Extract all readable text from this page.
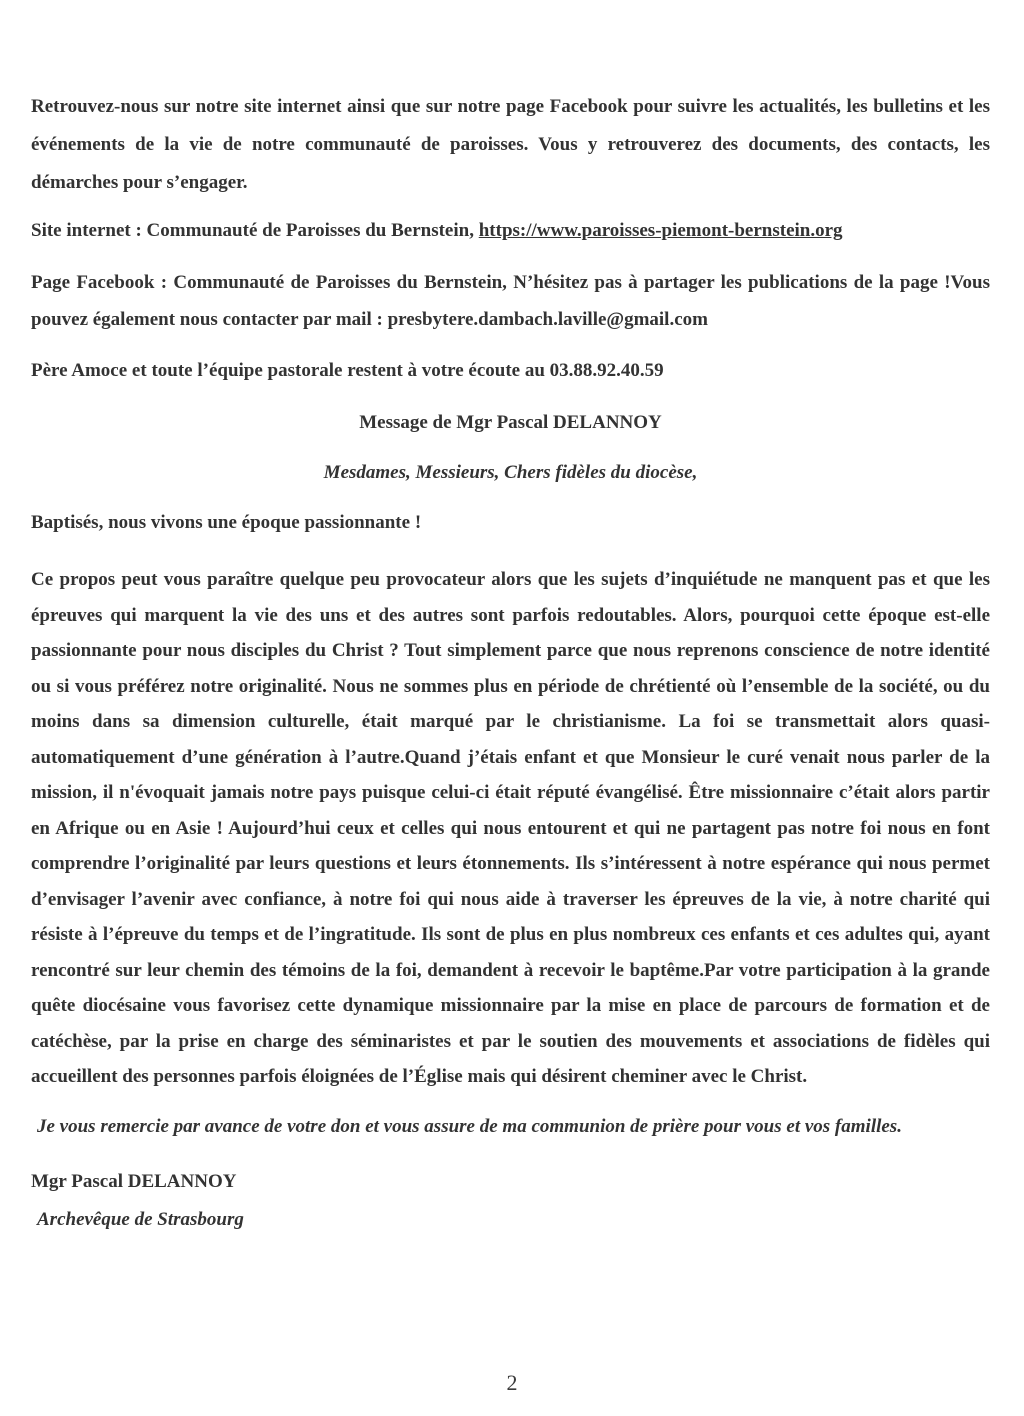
Retrouvez-nous sur notre site internet ainsi que sur notre page Facebook pour suivre les actualités, les bulletins et les événements de la vie de notre communauté de paroisses. Vous y retrouverez des documents, des contacts, les démarches pour s’engager.

Site internet : Communauté de Paroisses du Bernstein, https://www.paroisses-piemont-bernstein.org

Page Facebook : Communauté de Paroisses du Bernstein, N’hésitez pas à partager les publications de la page !Vous pouvez également nous contacter par mail : presbytere.dambach.laville@gmail.com

Père Amoce et toute l’équipe pastorale restent à votre écoute au 03.88.92.40.59

Message de Mgr Pascal DELANNOY

Mesdames, Messieurs, Chers fidèles du diocèse,

Baptisés, nous vivons une époque passionnante !

Ce propos peut vous paraître quelque peu provocateur alors que les sujets d’inquiétude ne manquent pas et que les épreuves qui marquent la vie des uns et des autres sont parfois redoutables. Alors, pourquoi cette époque est-elle passionnante pour nous disciples du Christ ? Tout simplement parce que nous reprenons conscience de notre identité ou si vous préférez notre originalité. Nous ne sommes plus en période de chrétienté où l’ensemble de la société, ou du moins dans sa dimension culturelle, était marqué par le christianisme. La foi se transmettait alors quasi-automatiquement d’une génération à l’autre.Quand j’étais enfant et que Monsieur le curé venait nous parler de la mission, il n'évoquait jamais notre pays puisque celui-ci était réputé évangélisé. Être missionnaire c’était alors partir en Afrique ou en Asie ! Aujourd’hui ceux et celles qui nous entourent et qui ne partagent pas notre foi nous en font comprendre l’originalité par leurs questions et leurs étonnements. Ils s’intéressent à notre espérance qui nous permet d’envisager l’avenir avec confiance, à notre foi qui nous aide à traverser les épreuves de la vie, à notre charité qui résiste à l’épreuve du temps et de l’ingratitude. Ils sont de plus en plus nombreux ces enfants et ces adultes qui, ayant rencontré sur leur chemin des témoins de la foi, demandent à recevoir le baptême.Par votre participation à la grande quête diocésaine vous favorisez cette dynamique missionnaire par la mise en place de parcours de formation et de catéchèse, par la prise en charge des séminaristes et par le soutien des mouvements et associations de fidèles qui accueillent des personnes parfois éloignées de l’Église mais qui désirent cheminer avec le Christ.

Je vous remercie par avance de votre don et vous assure de ma communion de prière pour vous et vos familles.

Mgr Pascal DELANNOY

Archevêque de Strasbourg

2
